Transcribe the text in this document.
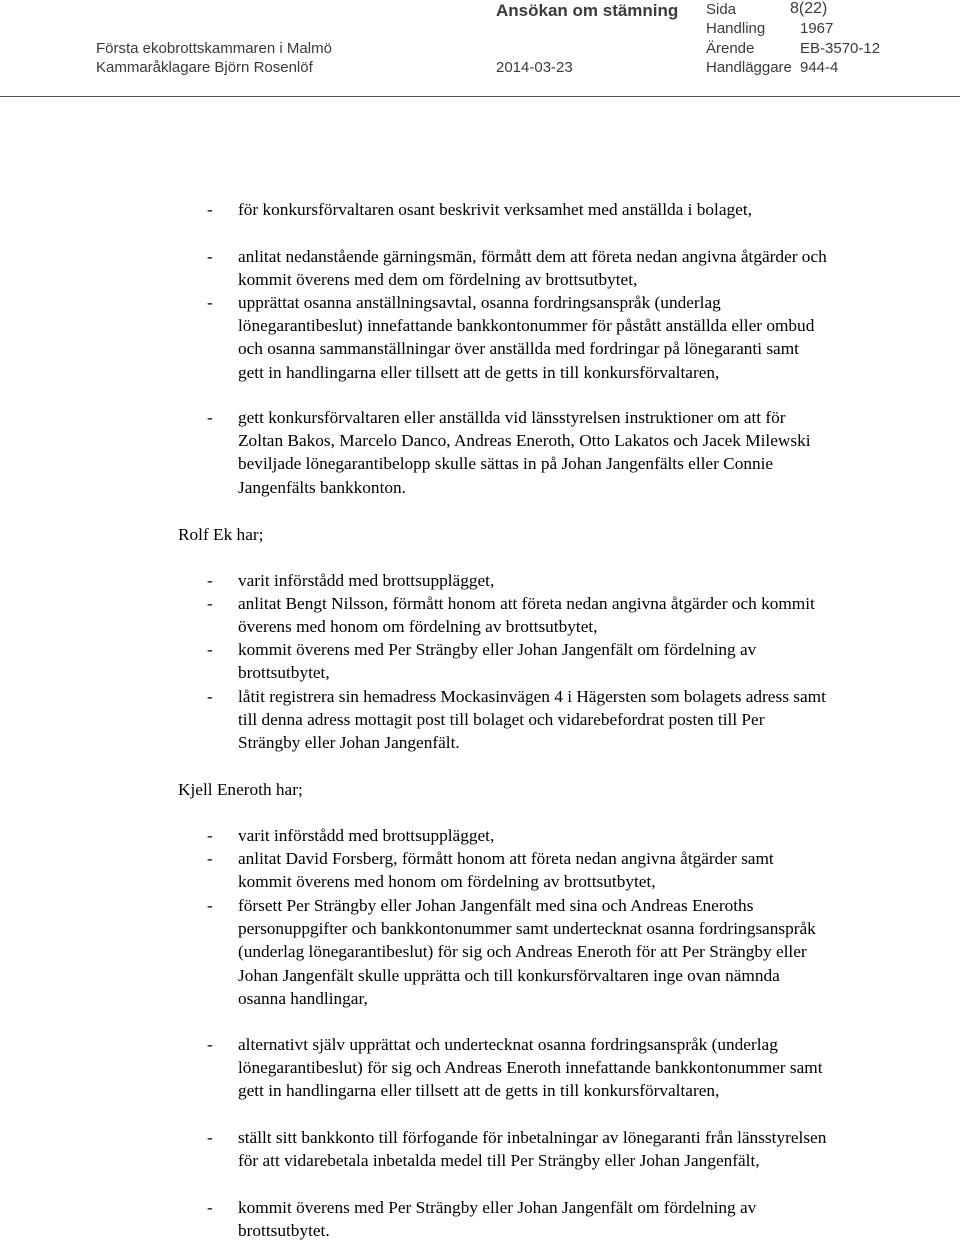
Ansökan om stämning
Första ekobrottskammaren i Malmö
Kammaråklagare Björn Rosenlöf	2014-03-23
Sida	8(22)
Handling 1967
Ärende	EB-3570-12
Handläggare 944-4
- för konkursförvaltaren osant beskrivit verksamhet med anställda i bolaget,
- anlitat nedanstående gärningsmän, förmått dem att företa nedan angivna åtgärder och kommit överens med dem om fördelning av brottsutbytet,
- upprättat osanna anställningsavtal, osanna fordringsanspråk (underlag lönegarantibeslut) innefattande bankkontonummer för påstått anställda eller ombud och osanna sammanställningar över anställda med fordringar på lönegaranti samt gett in handlingarna eller tillsett att de getts in till konkursförvaltaren,
- gett konkursförvaltaren eller anställda vid länsstyrelsen instruktioner om att för Zoltan Bakos, Marcelo Danco, Andreas Eneroth, Otto Lakatos och Jacek Milewski beviljade lönegarantibelopp skulle sättas in på Johan Jangenfälts eller Connie Jangenfälts bankkonton.
Rolf Ek har;
- varit införstådd med brottsupplägget,
- anlitat Bengt Nilsson, förmått honom att företa nedan angivna åtgärder och kommit överens med honom om fördelning av brottsutbytet,
- kommit överens med Per Strängby eller Johan Jangenfält om fördelning av brottsutbytet,
- låtit registrera sin hemadress Mockasinvägen 4 i Hägersten som bolagets adress samt till denna adress mottagit post till bolaget och vidarebefordrat posten till Per Strängby eller Johan Jangenfält.
Kjell Eneroth har;
- varit införstådd med brottsupplägget,
- anlitat David Forsberg, förmått honom att företa nedan angivna åtgärder samt kommit överens med honom om fördelning av brottsutbytet,
- försett Per Strängby eller Johan Jangenfält med sina och Andreas Eneroths personuppgifter och bankkontonummer samt undertecknat osanna fordringsanspråk (underlag lönegarantibeslut) för sig och Andreas Eneroth för att Per Strängby eller Johan Jangenfält skulle upprätta och till konkursförvaltaren inge ovan nämnda osanna handlingar,
- alternativt själv upprättat och undertecknat osanna fordringsanspråk (underlag lönegarantibeslut) för sig och Andreas Eneroth innefattande bankkontonummer samt gett in handlingarna eller tillsett att de getts in till konkursförvaltaren,
- ställt sitt bankkonto till förfogande för inbetalningar av lönegaranti från länsstyrelsen för att vidarebetala inbetalda medel till Per Strängby eller Johan Jangenfält,
- kommit överens med Per Strängby eller Johan Jangenfält om fördelning av brottsutbytet.
